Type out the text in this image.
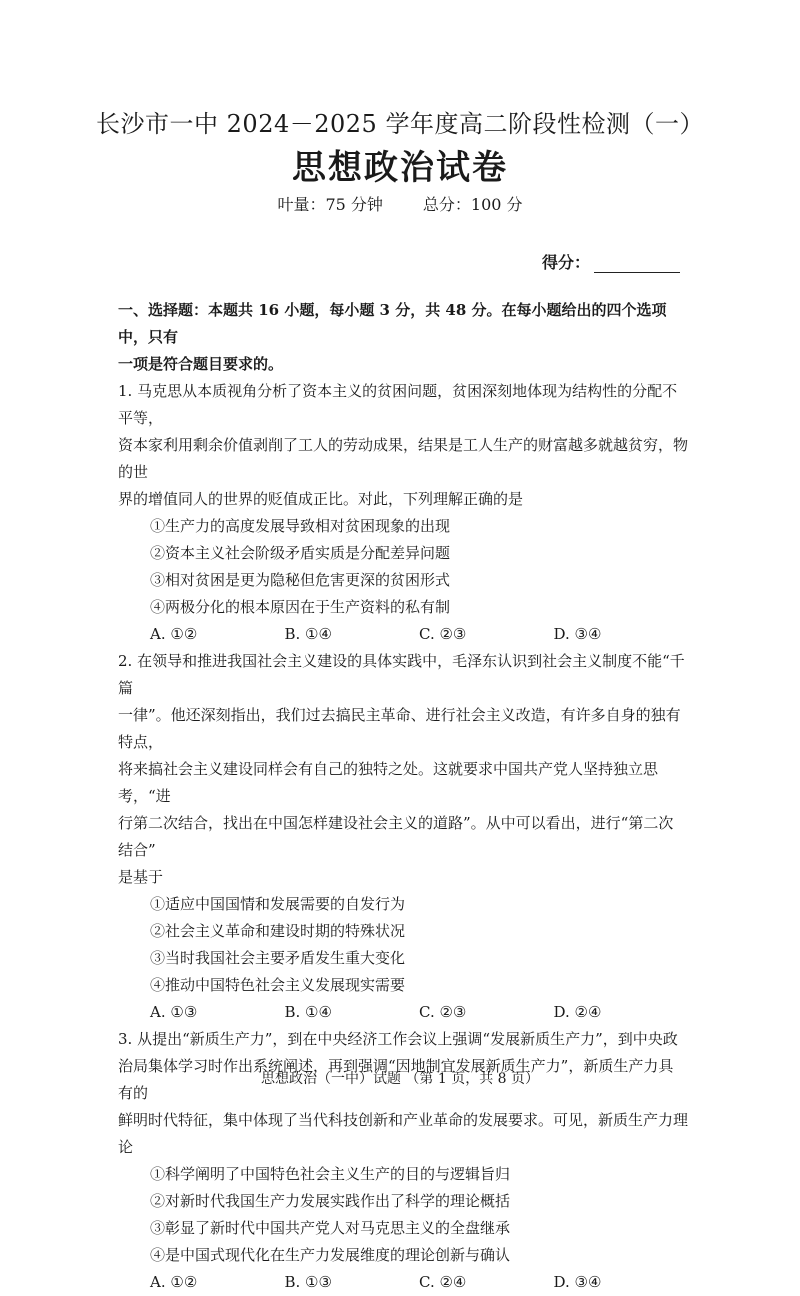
长沙市一中 2024－2025 学年度高二阶段性检测（一）
思想政治试卷
叶量：75 分钟	总分：100 分
得分：
一、选择题：本题共 16 小题，每小题 3 分，共 48 分。在每小题给出的四个选项中，只有
一项是符合题目要求的。
1. 马克思从本质视角分析了资本主义的贫困问题，贫困深刻地体现为结构性的分配不平等，
资本家利用剩余价值剥削了工人的劳动成果，结果是工人生产的财富越多就越贫穷，物的世
界的增值同人的世界的贬值成正比。对此，下列理解正确的是
①生产力的高度发展导致相对贫困现象的出现
②资本主义社会阶级矛盾实质是分配差异问题
③相对贫困是更为隐秘但危害更深的贫困形式
④两极分化的根本原因在于生产资料的私有制
A. ①②	B. ①④	C. ②③	D. ③④
2. 在领导和推进我国社会主义建设的具体实践中，毛泽东认识到社会主义制度不能“千篇
一律”。他还深刻指出，我们过去搞民主革命、进行社会主义改造，有许多自身的独有特点，
将来搞社会主义建设同样会有自己的独特之处。这就要求中国共产党人坚持独立思考，“进
行第二次结合，找出在中国怎样建设社会主义的道路”。从中可以看出，进行“第二次结合”
是基于
①适应中国国情和发展需要的自发行为
②社会主义革命和建设时期的特殊状况
③当时我国社会主要矛盾发生重大变化
④推动中国特色社会主义发展现实需要
A. ①③	B. ①④	C. ②③	D. ②④
3. 从提出“新质生产力”，到在中央经济工作会议上强调“发展新质生产力”，到中央政
治局集体学习时作出系统阐述，再到强调“因地制宜发展新质生产力”，新质生产力具有的
鲜明时代特征，集中体现了当代科技创新和产业革命的发展要求。可见，新质生产力理论
①科学阐明了中国特色社会主义生产的目的与逻辑旨归
②对新时代我国生产力发展实践作出了科学的理论概括
③彰显了新时代中国共产党人对马克思主义的全盘继承
④是中国式现代化在生产力发展维度的理论创新与确认
A. ①②	B. ①③	C. ②④	D. ③④
思想政治（一中）试题 （第 1 页，共 8 页）
